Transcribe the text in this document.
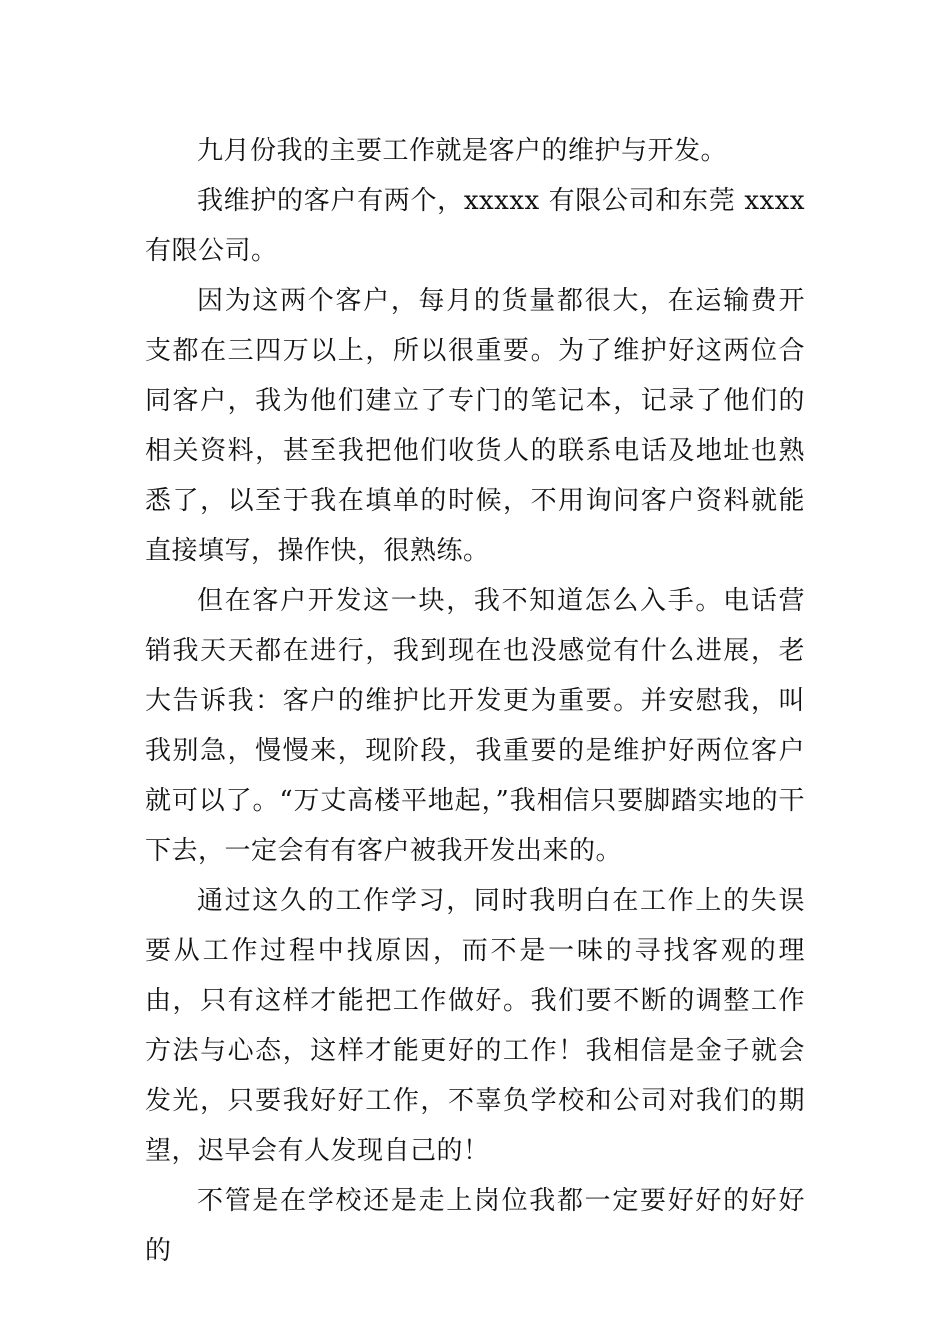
九月份我的主要工作就是客户的维护与开发。

我维护的客户有两个，xxxxx 有限公司和东莞 xxxx 有限公司。

因为这两个客户，每月的货量都很大，在运输费开支都在三四万以上，所以很重要。为了维护好这两位合同客户，我为他们建立了专门的笔记本，记录了他们的相关资料，甚至我把他们收货人的联系电话及地址也熟悉了，以至于我在填单的时候，不用询问客户资料就能直接填写，操作快，很熟练。

但在客户开发这一块，我不知道怎么入手。电话营销我天天都在进行，我到现在也没感觉有什么进展，老大告诉我：客户的维护比开发更为重要。并安慰我，叫我别急，慢慢来，现阶段，我重要的是维护好两位客户就可以了。“万丈高楼平地起，”我相信只要脚踏实地的干下去，一定会有有客户被我开发出来的。

通过这久的工作学习，同时我明白在工作上的失误要从工作过程中找原因，而不是一味的寻找客观的理由，只有这样才能把工作做好。我们要不断的调整工作方法与心态，这样才能更好的工作！我相信是金子就会发光，只要我好好工作，不辜负学校和公司对我们的期望，迟早会有人发现自己的！

不管是在学校还是走上岗位我都一定要好好的好好的
